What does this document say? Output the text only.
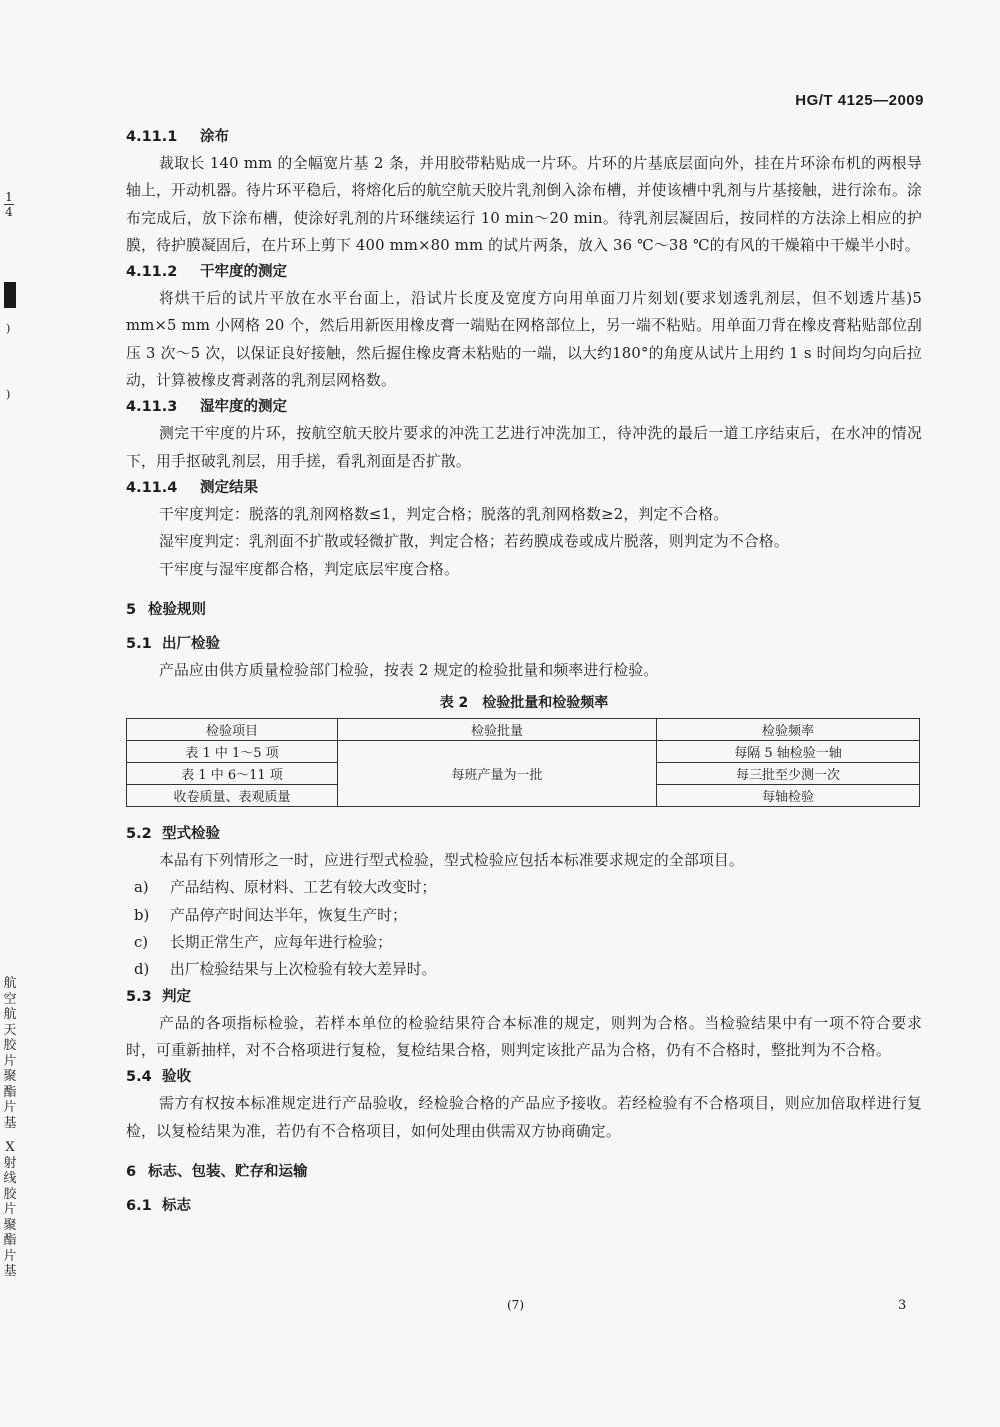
1
4
)
)
航空航天胶片聚酯片基
X射线胶片聚酯片基
HG/T 4125—2009
4.11.1 涂布

裁取长 140 mm 的全幅宽片基 2 条，并用胶带粘贴成一片环。片环的片基底层面向外，挂在片环涂布机的两根导轴上，开动机器。待片环平稳后，将熔化后的航空航天胶片乳剂倒入涂布槽，并使该槽中乳剂与片基接触，进行涂布。涂布完成后，放下涂布槽，使涂好乳剂的片环继续运行 10 min～20 min。待乳剂层凝固后，按同样的方法涂上相应的护膜，待护膜凝固后，在片环上剪下 400 mm×80 mm 的试片两条，放入 36 ℃～38 ℃的有风的干燥箱中干燥半小时。

4.11.2 干牢度的测定

将烘干后的试片平放在水平台面上，沿试片长度及宽度方向用单面刀片刻划(要求划透乳剂层，但不划透片基)5 mm×5 mm 小网格 20 个，然后用新医用橡皮膏一端贴在网格部位上，另一端不粘贴。用单面刀背在橡皮膏粘贴部位刮压 3 次～5 次，以保证良好接触，然后握住橡皮膏未粘贴的一端，以大约180°的角度从试片上用约 1 s 时间均匀向后拉动，计算被橡皮膏剥落的乳剂层网格数。

4.11.3 湿牢度的测定

测完干牢度的片环，按航空航天胶片要求的冲洗工艺进行冲洗加工，待冲洗的最后一道工序结束后，在水冲的情况下，用手抠破乳剂层，用手搓，看乳剂面是否扩散。

4.11.4 测定结果

干牢度判定：脱落的乳剂网格数≤1，判定合格；脱落的乳剂网格数≥2，判定不合格。

湿牢度判定：乳剂面不扩散或轻微扩散，判定合格；若药膜成卷或成片脱落，则判定为不合格。

干牢度与湿牢度都合格，判定底层牢度合格。

5 检验规则
5.1 出厂检验

产品应由供方质量检验部门检验，按表 2 规定的检验批量和频率进行检验。

表 2　检验批量和检验频率
检验项目	检验批量	检验频率
表 1 中 1～5 项	每班产量为一批	每隔 5 轴检验一轴
表 1 中 6～11 项		每三批至少测一次
收卷质量、表观质量		每轴检验
5.2 型式检验

本品有下列情形之一时，应进行型式检验，型式检验应包括本标准要求规定的全部项目。

a)	产品结构、原材料、工艺有较大改变时；
b)	产品停产时间达半年，恢复生产时；
c)	长期正常生产，应每年进行检验；
d)	出厂检验结果与上次检验有较大差异时。
5.3 判定

产品的各项指标检验，若样本单位的检验结果符合本标准的规定，则判为合格。当检验结果中有一项不符合要求时，可重新抽样，对不合格项进行复检，复检结果合格，则判定该批产品为合格，仍有不合格时，整批判为不合格。

5.4 验收

需方有权按本标准规定进行产品验收，经检验合格的产品应予接收。若经检验有不合格项目，则应加倍取样进行复检，以复检结果为准，若仍有不合格项目，如何处理由供需双方协商确定。

6 标志、包装、贮存和运输
6.1 标志
(7)	3
